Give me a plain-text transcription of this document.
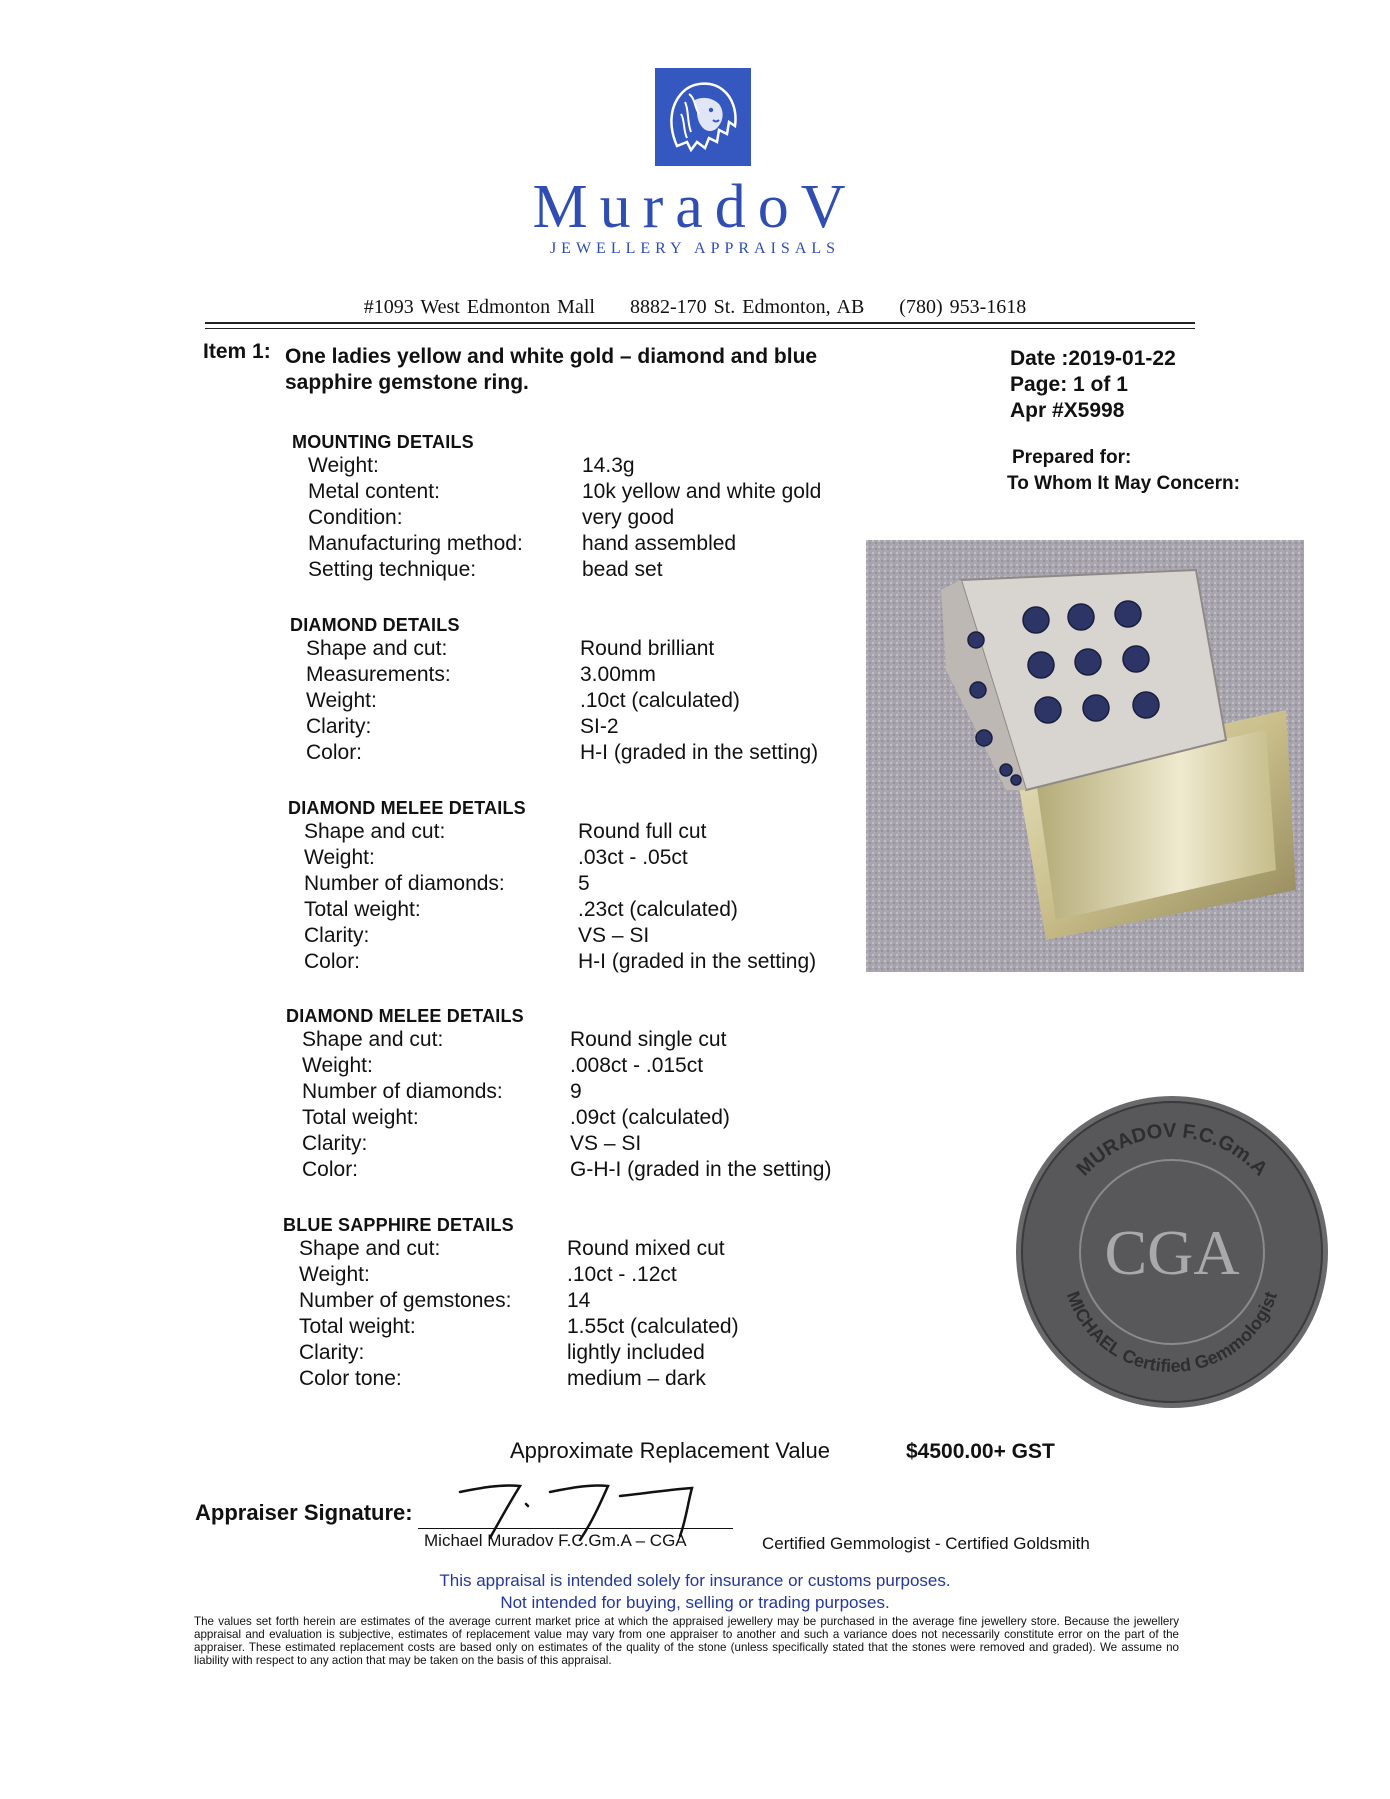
MuradoV
JEWELLERY APPRAISALS
#1093 West Edmonton Mall 8882-170 St. Edmonton, AB (780) 953-1618
Item 1: One ladies yellow and white gold – diamond and blue sapphire gemstone ring.
Date :2019-01-22
Page: 1 of 1
Apr #X5998
Prepared for:
To Whom It May Concern:
MOUNTING DETAILS
Weight:	14.3g
Metal content:	10k yellow and white gold
Condition:	very good
Manufacturing method:	hand assembled
Setting technique:	bead set
DIAMOND DETAILS
Shape and cut:	Round brilliant
Measurements:	3.00mm
Weight:	.10ct (calculated)
Clarity:	SI-2
Color:	H-I (graded in the setting)
DIAMOND MELEE DETAILS
Shape and cut:	Round full cut
Weight:	.03ct - .05ct
Number of diamonds:	5
Total weight:	.23ct (calculated)
Clarity:	VS – SI
Color:	H-I (graded in the setting)
DIAMOND MELEE DETAILS
Shape and cut:	Round single cut
Weight:	.008ct - .015ct
Number of diamonds:	9
Total weight:	.09ct (calculated)
Clarity:	VS – SI
Color:	G-H-I (graded in the setting)
BLUE SAPPHIRE DETAILS
Shape and cut:	Round mixed cut
Weight:	.10ct - .12ct
Number of gemstones:	14
Total weight:	1.55ct (calculated)
Clarity:	lightly included
Color tone:	medium – dark
CGA
MURADOV F.C.Gm.A
MICHAEL Certified Gemmologist
Approximate Replacement Value	$4500.00+ GST
Appraiser Signature:
Michael Muradov F.C.Gm.A – CGA	Certified Gemmologist - Certified Goldsmith
This appraisal is intended solely for insurance or customs purposes.
Not intended for buying, selling or trading purposes.
The values set forth herein are estimates of the average current market price at which the appraised jewellery may be purchased in the average fine jewellery store. Because the jewellery appraisal and evaluation is subjective, estimates of replacement value may vary from one appraiser to another and such a variance does not necessarily constitute error on the part of the appraiser. These estimated replacement costs are based only on estimates of the quality of the stone (unless specifically stated that the stones were removed and graded). We assume no liability with respect to any action that may be taken on the basis of this appraisal.
